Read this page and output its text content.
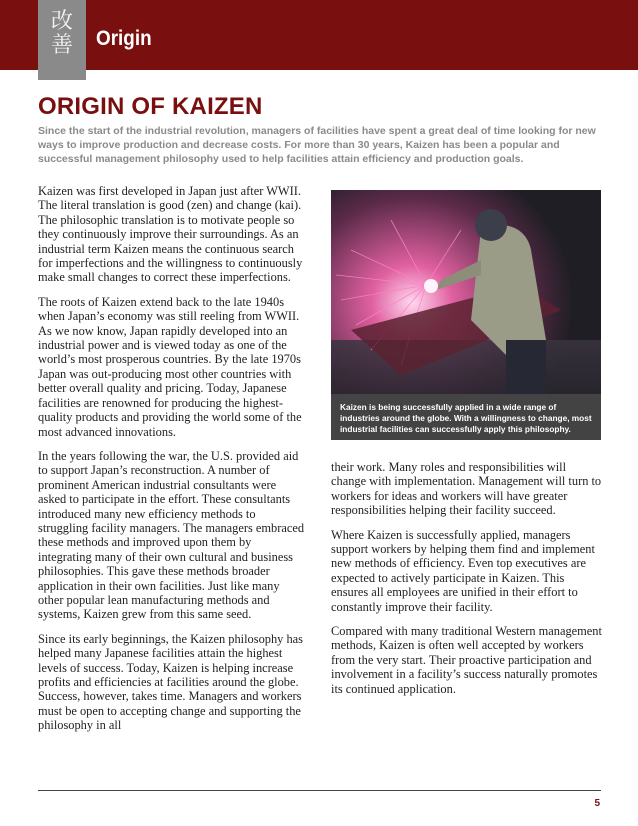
改
善	Origin
ORIGIN OF KAIZEN

Since the start of the industrial revolution, managers of facilities have spent a great deal of time looking for new ways to improve production and decrease costs. For more than 30 years, Kaizen has been a popular and successful management philosophy used to help facilities attain efficiency and production goals.

Kaizen was first developed in Japan just after WWII. The literal translation is good (zen) and change (kai). The philosophic translation is to motivate people so they continuously improve their surroundings. As an industrial term Kaizen means the continuous search for imperfections and the willingness to continuously make small changes to correct these imperfections.

The roots of Kaizen extend back to the late 1940s when Japan’s economy was still reeling from WWII. As we now know, Japan rapidly developed into an industrial power and is viewed today as one of the world’s most prosperous countries. By the late 1970s Japan was out-producing most other countries with better overall quality and pricing. Today, Japanese facilities are renowned for producing the highest-quality products and providing the world some of the most advanced innovations.

In the years following the war, the U.S. provided aid to support Japan’s reconstruction. A number of prominent American industrial consultants were asked to participate in the effort. These consultants introduced many new efficiency methods to struggling facility managers. The managers embraced these methods and improved upon them by integrating many of their own cultural and business philosophies. This gave these methods broader application in their own facilities. Just like many other popular lean manufacturing methods and systems, Kaizen grew from this same seed.

Since its early beginnings, the Kaizen philosophy has helped many Japanese facilities attain the highest levels of success. Today, Kaizen is helping increase profits and efficiencies at facilities around the globe. Success, however, takes time. Managers and workers must be open to accepting change and supporting the philosophy in all

Kaizen is being successfully applied in a wide range of industries around the globe. With a willingness to change, most industrial facilities can successfully apply this philosophy.

their work. Many roles and responsibilities will change with implementation. Management will turn to workers for ideas and workers will have greater responsibilities helping their facility succeed.

Where Kaizen is successfully applied, managers support workers by helping them find and implement new methods of efficiency. Even top executives are expected to actively participate in Kaizen. This ensures all employees are unified in their effort to constantly improve their facility.

Compared with many traditional Western management methods, Kaizen is often well accepted by workers from the very start. Their proactive participation and involvement in a facility’s success naturally promotes its continued application.

5
